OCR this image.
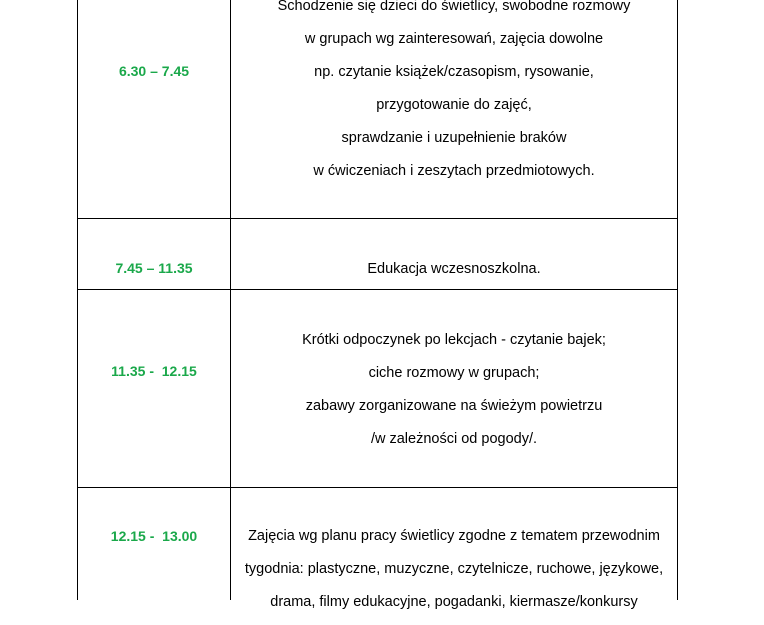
6.30 – 7.45
Schodzenie się dzieci do świetlicy, swobodne rozmowy
w grupach wg zainteresowań, zajęcia dowolne
np. czytanie książek/czasopism, rysowanie,
przygotowanie do zajęć,
sprawdzanie i uzupełnienie braków
w ćwiczeniach i zeszytach przedmiotowych.
7.45 – 11.35	Edukacja wczesnoszkolna.
11.35 -  12.15
Krótki odpoczynek po lekcjach - czytanie bajek;
ciche rozmowy w grupach;
zabawy zorganizowane na świeżym powietrzu
/w zależności od pogody/.
12.15 -  13.00	Zajęcia wg planu pracy świetlicy zgodne z tematem przewodnim
tygodnia: plastyczne, muzyczne, czytelnicze, ruchowe, językowe,
drama, filmy edukacyjne, pogadanki, kiermasze/konkursy
